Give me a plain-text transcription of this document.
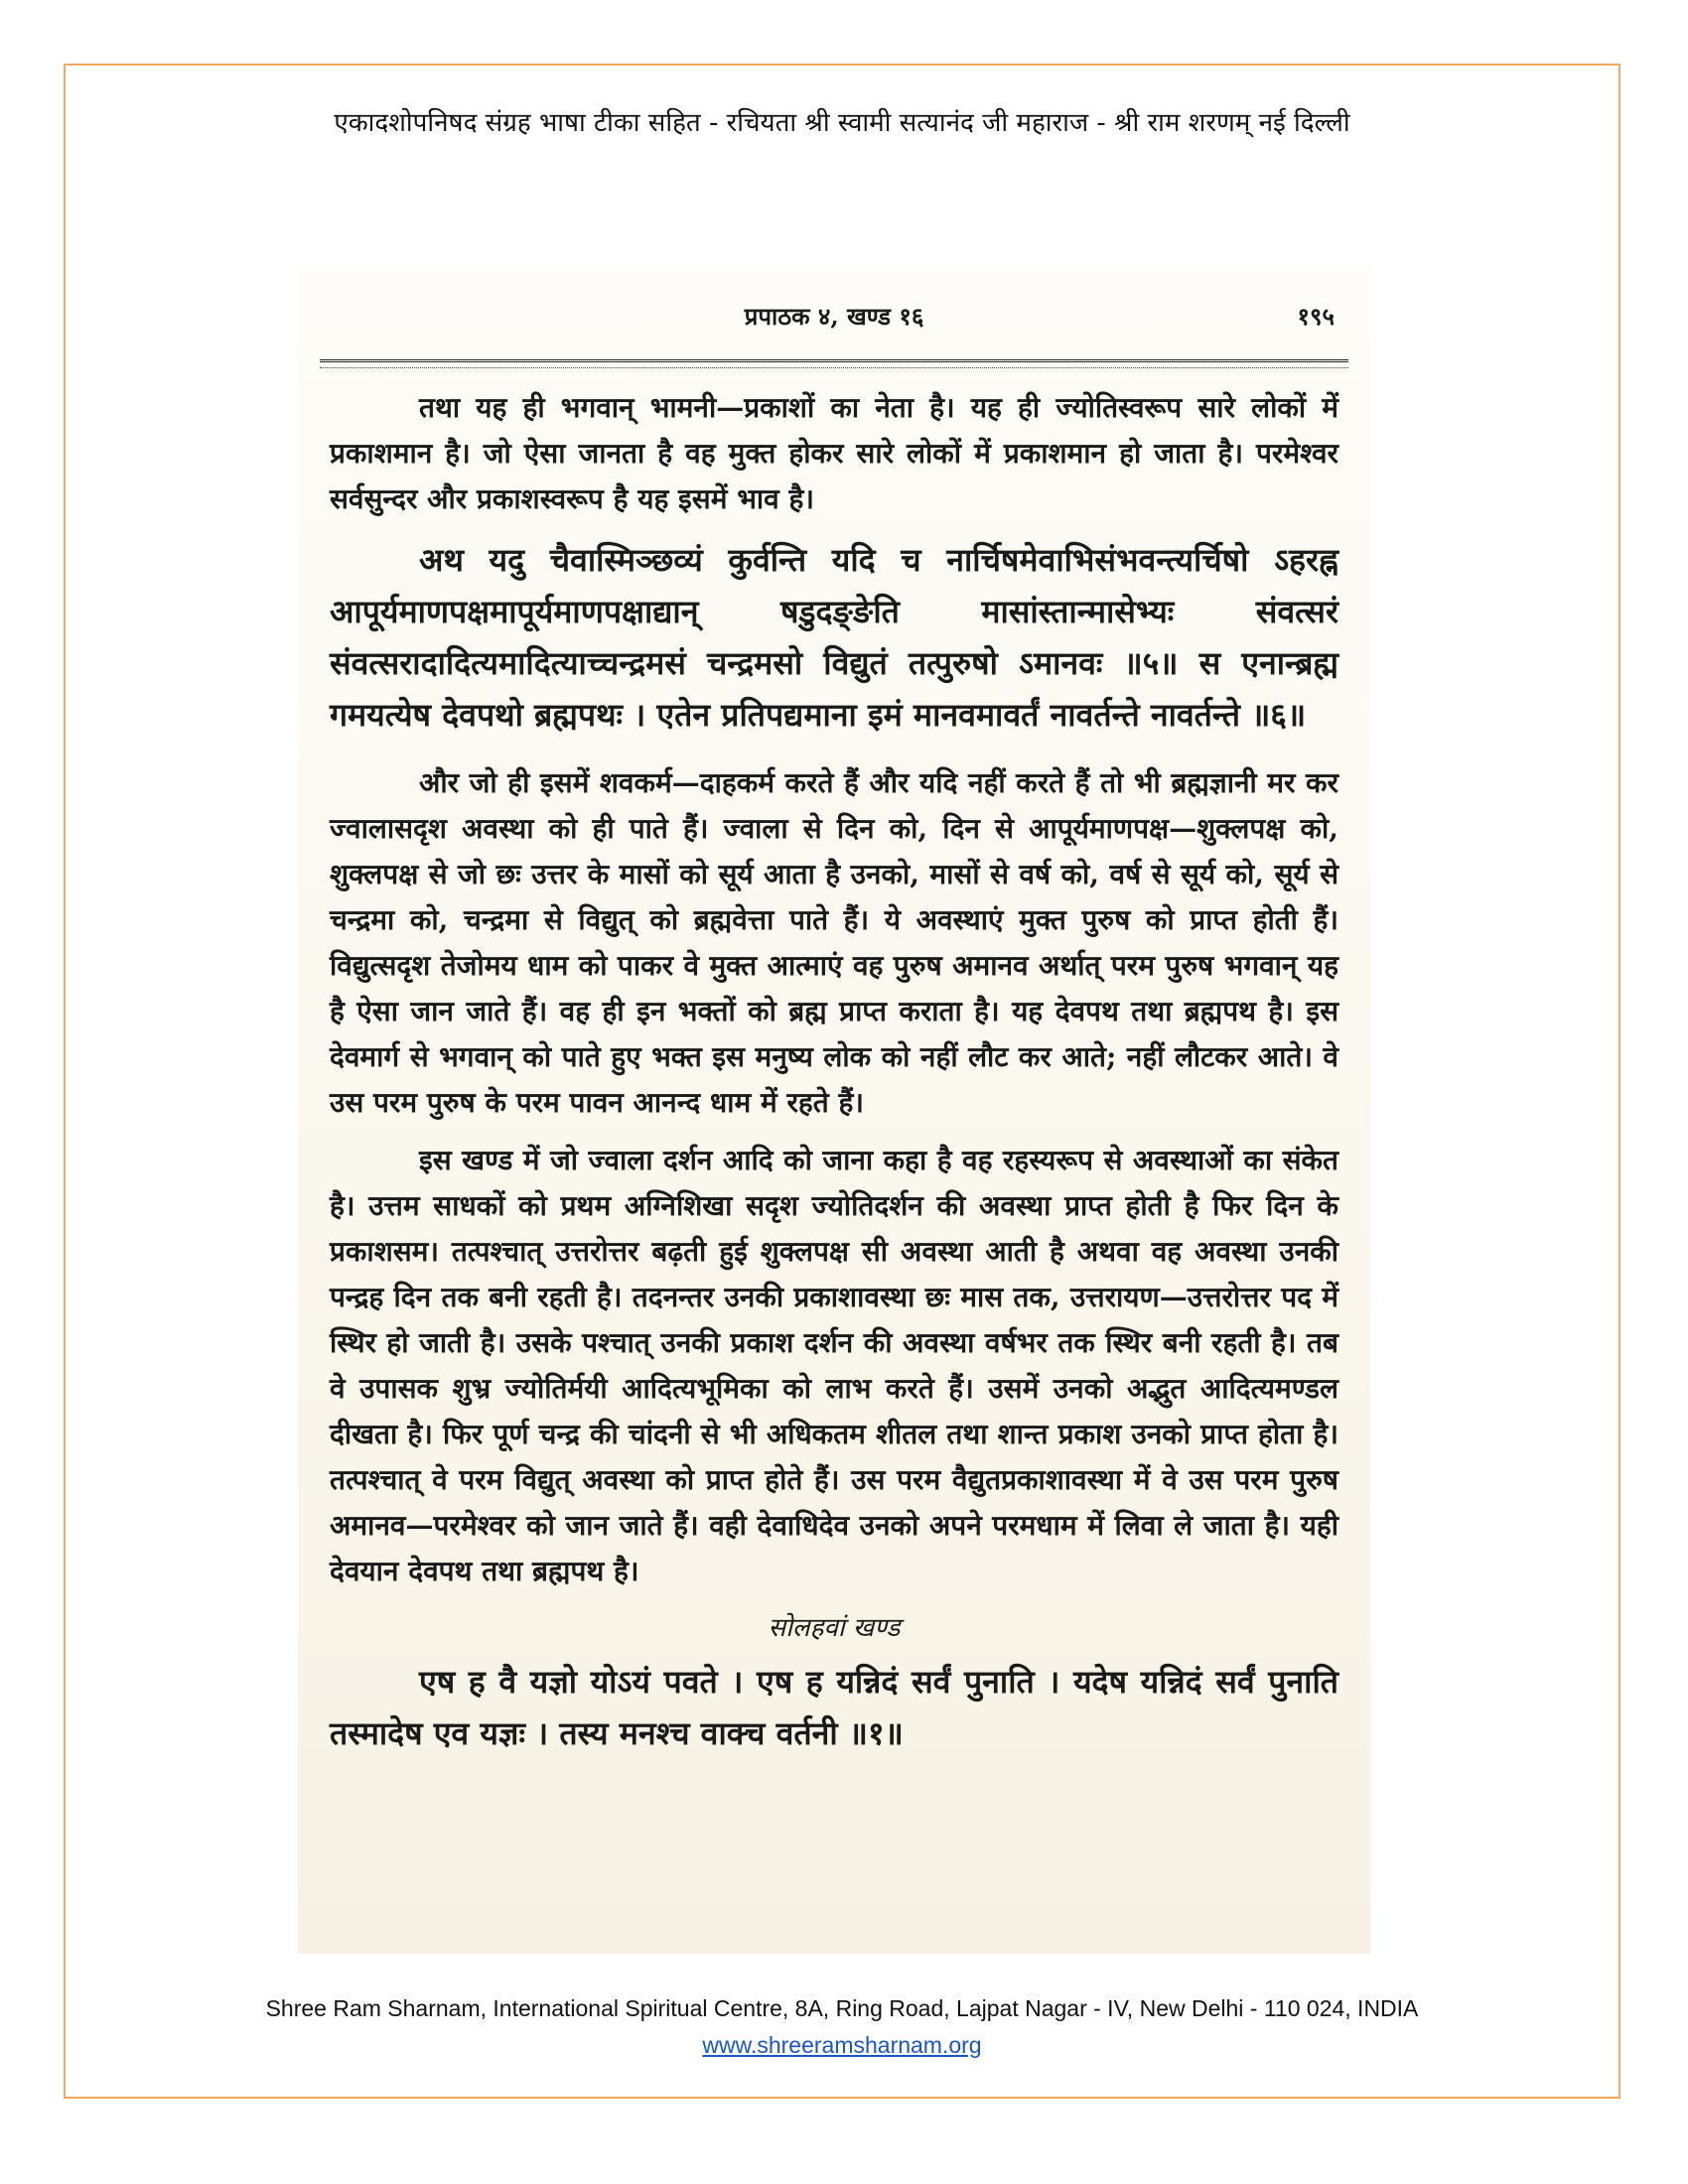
एकादशोपनिषद संग्रह भाषा टीका सहित - रचियता श्री स्वामी सत्यानंद जी महाराज - श्री राम शरणम् नई दिल्ली
प्रपाठक ४, खण्ड १६	१९५

तथा यह ही भगवान् भामनी—प्रकाशों का नेता है। यह ही ज्योतिस्वरूप सारे लोकों में प्रकाशमान है। जो ऐसा जानता है वह मुक्त होकर सारे लोकों में प्रकाशमान हो जाता है। परमेश्वर सर्वसुन्दर और प्रकाशस्वरूप है यह इसमें भाव है।

अथ यदु चैवास्मिञ्छव्यं कुर्वन्ति यदि च नार्चिषमेवाभिसंभवन्त्यर्चिषो ऽहरह्न आपूर्यमाणपक्षमापूर्यमाणपक्षाद्यान् षडुदङ्ङेति मासांस्तान्मासेभ्यः संवत्सरं संवत्सरादादित्यमादित्याच्चन्द्रमसं चन्द्रमसो विद्युतं तत्पुरुषो ऽमानवः ॥५॥ स एनान्ब्रह्म गमयत्येष देवपथो ब्रह्मपथः । एतेन प्रतिपद्यमाना इमं मानवमावर्तं नावर्तन्ते नावर्तन्ते ॥६॥

और जो ही इसमें शवकर्म—दाहकर्म करते हैं और यदि नहीं करते हैं तो भी ब्रह्मज्ञानी मर कर ज्वालासदृश अवस्था को ही पाते हैं। ज्वाला से दिन को, दिन से आपूर्यमाणपक्ष—शुक्लपक्ष को, शुक्लपक्ष से जो छः उत्तर के मासों को सूर्य आता है उनको, मासों से वर्ष को, वर्ष से सूर्य को, सूर्य से चन्द्रमा को, चन्द्रमा से विद्युत् को ब्रह्मवेत्ता पाते हैं। ये अवस्थाएं मुक्त पुरुष को प्राप्त होती हैं। विद्युत्सदृश तेजोमय धाम को पाकर वे मुक्त आत्माएं वह पुरुष अमानव अर्थात् परम पुरुष भगवान् यह है ऐसा जान जाते हैं। वह ही इन भक्तों को ब्रह्म प्राप्त कराता है। यह देवपथ तथा ब्रह्मपथ है। इस देवमार्ग से भगवान् को पाते हुए भक्त इस मनुष्य लोक को नहीं लौट कर आते; नहीं लौटकर आते। वे उस परम पुरुष के परम पावन आनन्द धाम में रहते हैं।

इस खण्ड में जो ज्वाला दर्शन आदि को जाना कहा है वह रहस्यरूप से अवस्थाओं का संकेत है। उत्तम साधकों को प्रथम अग्निशिखा सदृश ज्योतिदर्शन की अवस्था प्राप्त होती है फिर दिन के प्रकाशसम। तत्पश्चात् उत्तरोत्तर बढ़ती हुई शुक्लपक्ष सी अवस्था आती है अथवा वह अवस्था उनकी पन्द्रह दिन तक बनी रहती है। तदनन्तर उनकी प्रकाशावस्था छः मास तक, उत्तरायण—उत्तरोत्तर पद में स्थिर हो जाती है। उसके पश्चात् उनकी प्रकाश दर्शन की अवस्था वर्षभर तक स्थिर बनी रहती है। तब वे उपासक शुभ्र ज्योतिर्मयी आदित्यभूमिका को लाभ करते हैं। उसमें उनको अद्भुत आदित्यमण्डल दीखता है। फिर पूर्ण चन्द्र की चांदनी से भी अधिकतम शीतल तथा शान्त प्रकाश उनको प्राप्त होता है। तत्पश्चात् वे परम विद्युत् अवस्था को प्राप्त होते हैं। उस परम वैद्युतप्रकाशावस्था में वे उस परम पुरुष अमानव—परमेश्वर को जान जाते हैं। वही देवाधिदेव उनको अपने परमधाम में लिवा ले जाता है। यही देवयान देवपथ तथा ब्रह्मपथ है।

सोलहवां खण्ड

एष ह वै यज्ञो योऽयं पवते । एष ह यन्निदं सर्वं पुनाति । यदेष यन्निदं सर्वं पुनाति तस्मादेष एव यज्ञः । तस्य मनश्च वाक्च वर्तनी ॥१॥

Shree Ram Sharnam, International Spiritual Centre, 8A, Ring Road, Lajpat Nagar - IV, New Delhi - 110 024, INDIA
www.shreeramsharnam.org
